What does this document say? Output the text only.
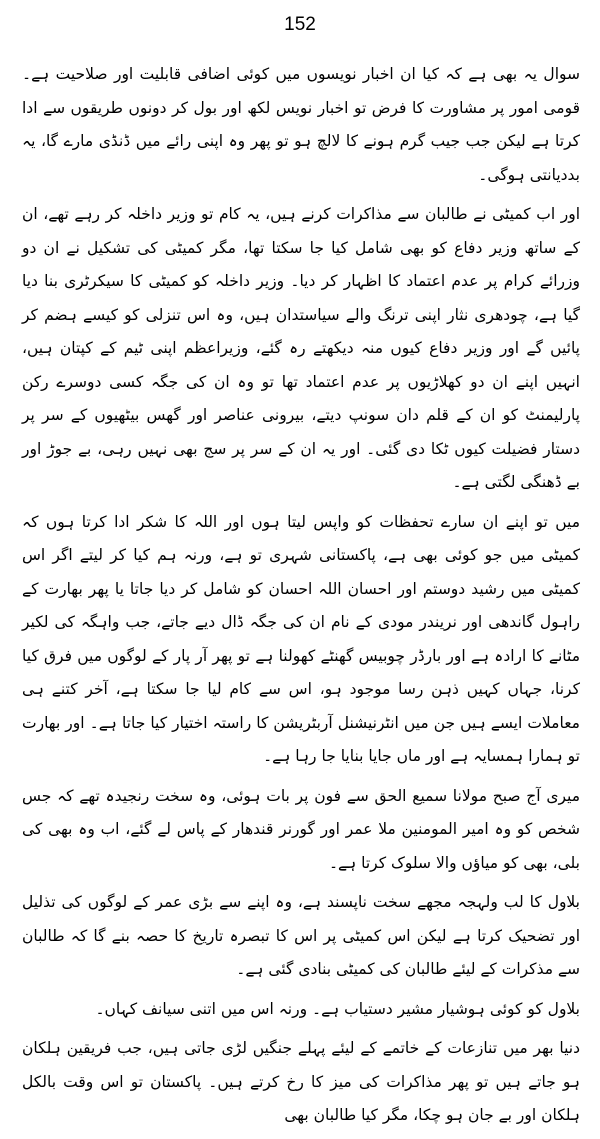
152

سوال یہ بھی ہے کہ کیا ان اخبار نویسوں میں کوئی اضافی قابلیت اور صلاحیت ہے۔ قومی امور پر مشاورت کا فرض تو اخبار نویس لکھ اور بول کر دونوں طریقوں سے ادا کرتا ہے لیکن جب جیب گرم ہونے کا لالچ ہو تو پھر وہ اپنی رائے میں ڈنڈی مارے گا، یہ بددیانتی ہوگی۔

اور اب کمیٹی نے طالبان سے مذاکرات کرنے ہیں، یہ کام تو وزیر داخلہ کر رہے تھے، ان کے ساتھ وزیر دفاع کو بھی شامل کیا جا سکتا تھا، مگر کمیٹی کی تشکیل نے ان دو وزرائے کرام پر عدم اعتماد کا اظہار کر دیا۔ وزیر داخلہ کو کمیٹی کا سیکرٹری بنا دیا گیا ہے، چودھری نثار اپنی ترنگ والے سیاستدان ہیں، وہ اس تنزلی کو کیسے ہضم کر پائیں گے اور وزیر دفاع کیوں منہ دیکھتے رہ گئے، وزیراعظم اپنی ٹیم کے کپتان ہیں، انہیں اپنے ان دو کھلاڑیوں پر عدم اعتماد تھا تو وہ ان کی جگہ کسی دوسرے رکن پارلیمنٹ کو ان کے قلم دان سونپ دیتے، بیرونی عناصر اور گھس بیٹھیوں کے سر پر دستار فضیلت کیوں ٹکا دی گئی۔ اور یہ ان کے سر پر سج بھی نہیں رہی، بے جوڑ اور بے ڈھنگی لگتی ہے۔

میں تو اپنے ان سارے تحفظات کو واپس لیتا ہوں اور اللہ کا شکر ادا کرتا ہوں کہ کمیٹی میں جو کوئی بھی ہے، پاکستانی شہری تو ہے، ورنہ ہم کیا کر لیتے اگر اس کمیٹی میں رشید دوستم اور احسان اللہ احسان کو شامل کر دیا جاتا یا پھر بھارت کے راہول گاندھی اور نریندر مودی کے نام ان کی جگہ ڈال دیے جاتے، جب واہگہ کی لکیر مٹانے کا ارادہ ہے اور بارڈر چوبیس گھنٹے کھولنا ہے تو پھر آر پار کے لوگوں میں فرق کیا کرنا، جہاں کہیں ذہن رسا موجود ہو، اس سے کام لیا جا سکتا ہے، آخر کتنے ہی معاملات ایسے ہیں جن میں انٹرنیشنل آربٹریشن کا راستہ اختیار کیا جاتا ہے۔ اور بھارت تو ہمارا ہمسایہ ہے اور ماں جایا بنایا جا رہا ہے۔

میری آج صبح مولانا سمیع الحق سے فون پر بات ہوئی، وہ سخت رنجیدہ تھے کہ جس شخص کو وہ امیر المومنین ملا عمر اور گورنر قندھار کے پاس لے گئے، اب وہ بھی کی بلی، بھی کو میاؤں والا سلوک کرتا ہے۔

بلاول کا لب ولہجہ مجھے سخت ناپسند ہے، وہ اپنے سے بڑی عمر کے لوگوں کی تذلیل اور تضحیک کرتا ہے لیکن اس کمیٹی پر اس کا تبصرہ تاریخ کا حصہ بنے گا کہ طالبان سے مذکرات کے لیئے طالبان کی کمیٹی بنادی گئی ہے۔

بلاول کو کوئی ہوشیار مشیر دستیاب ہے۔ ورنہ اس میں اتنی سیانف کہاں۔

دنیا بھر میں تنازعات کے خاتمے کے لیئے پہلے جنگیں لڑی جاتی ہیں، جب فریقین ہلکان ہو جاتے ہیں تو پھر مذاکرات کی میز کا رخ کرتے ہیں۔ پاکستان تو اس وقت بالکل ہلکان اور بے جان ہو چکا، مگر کیا طالبان بھی
